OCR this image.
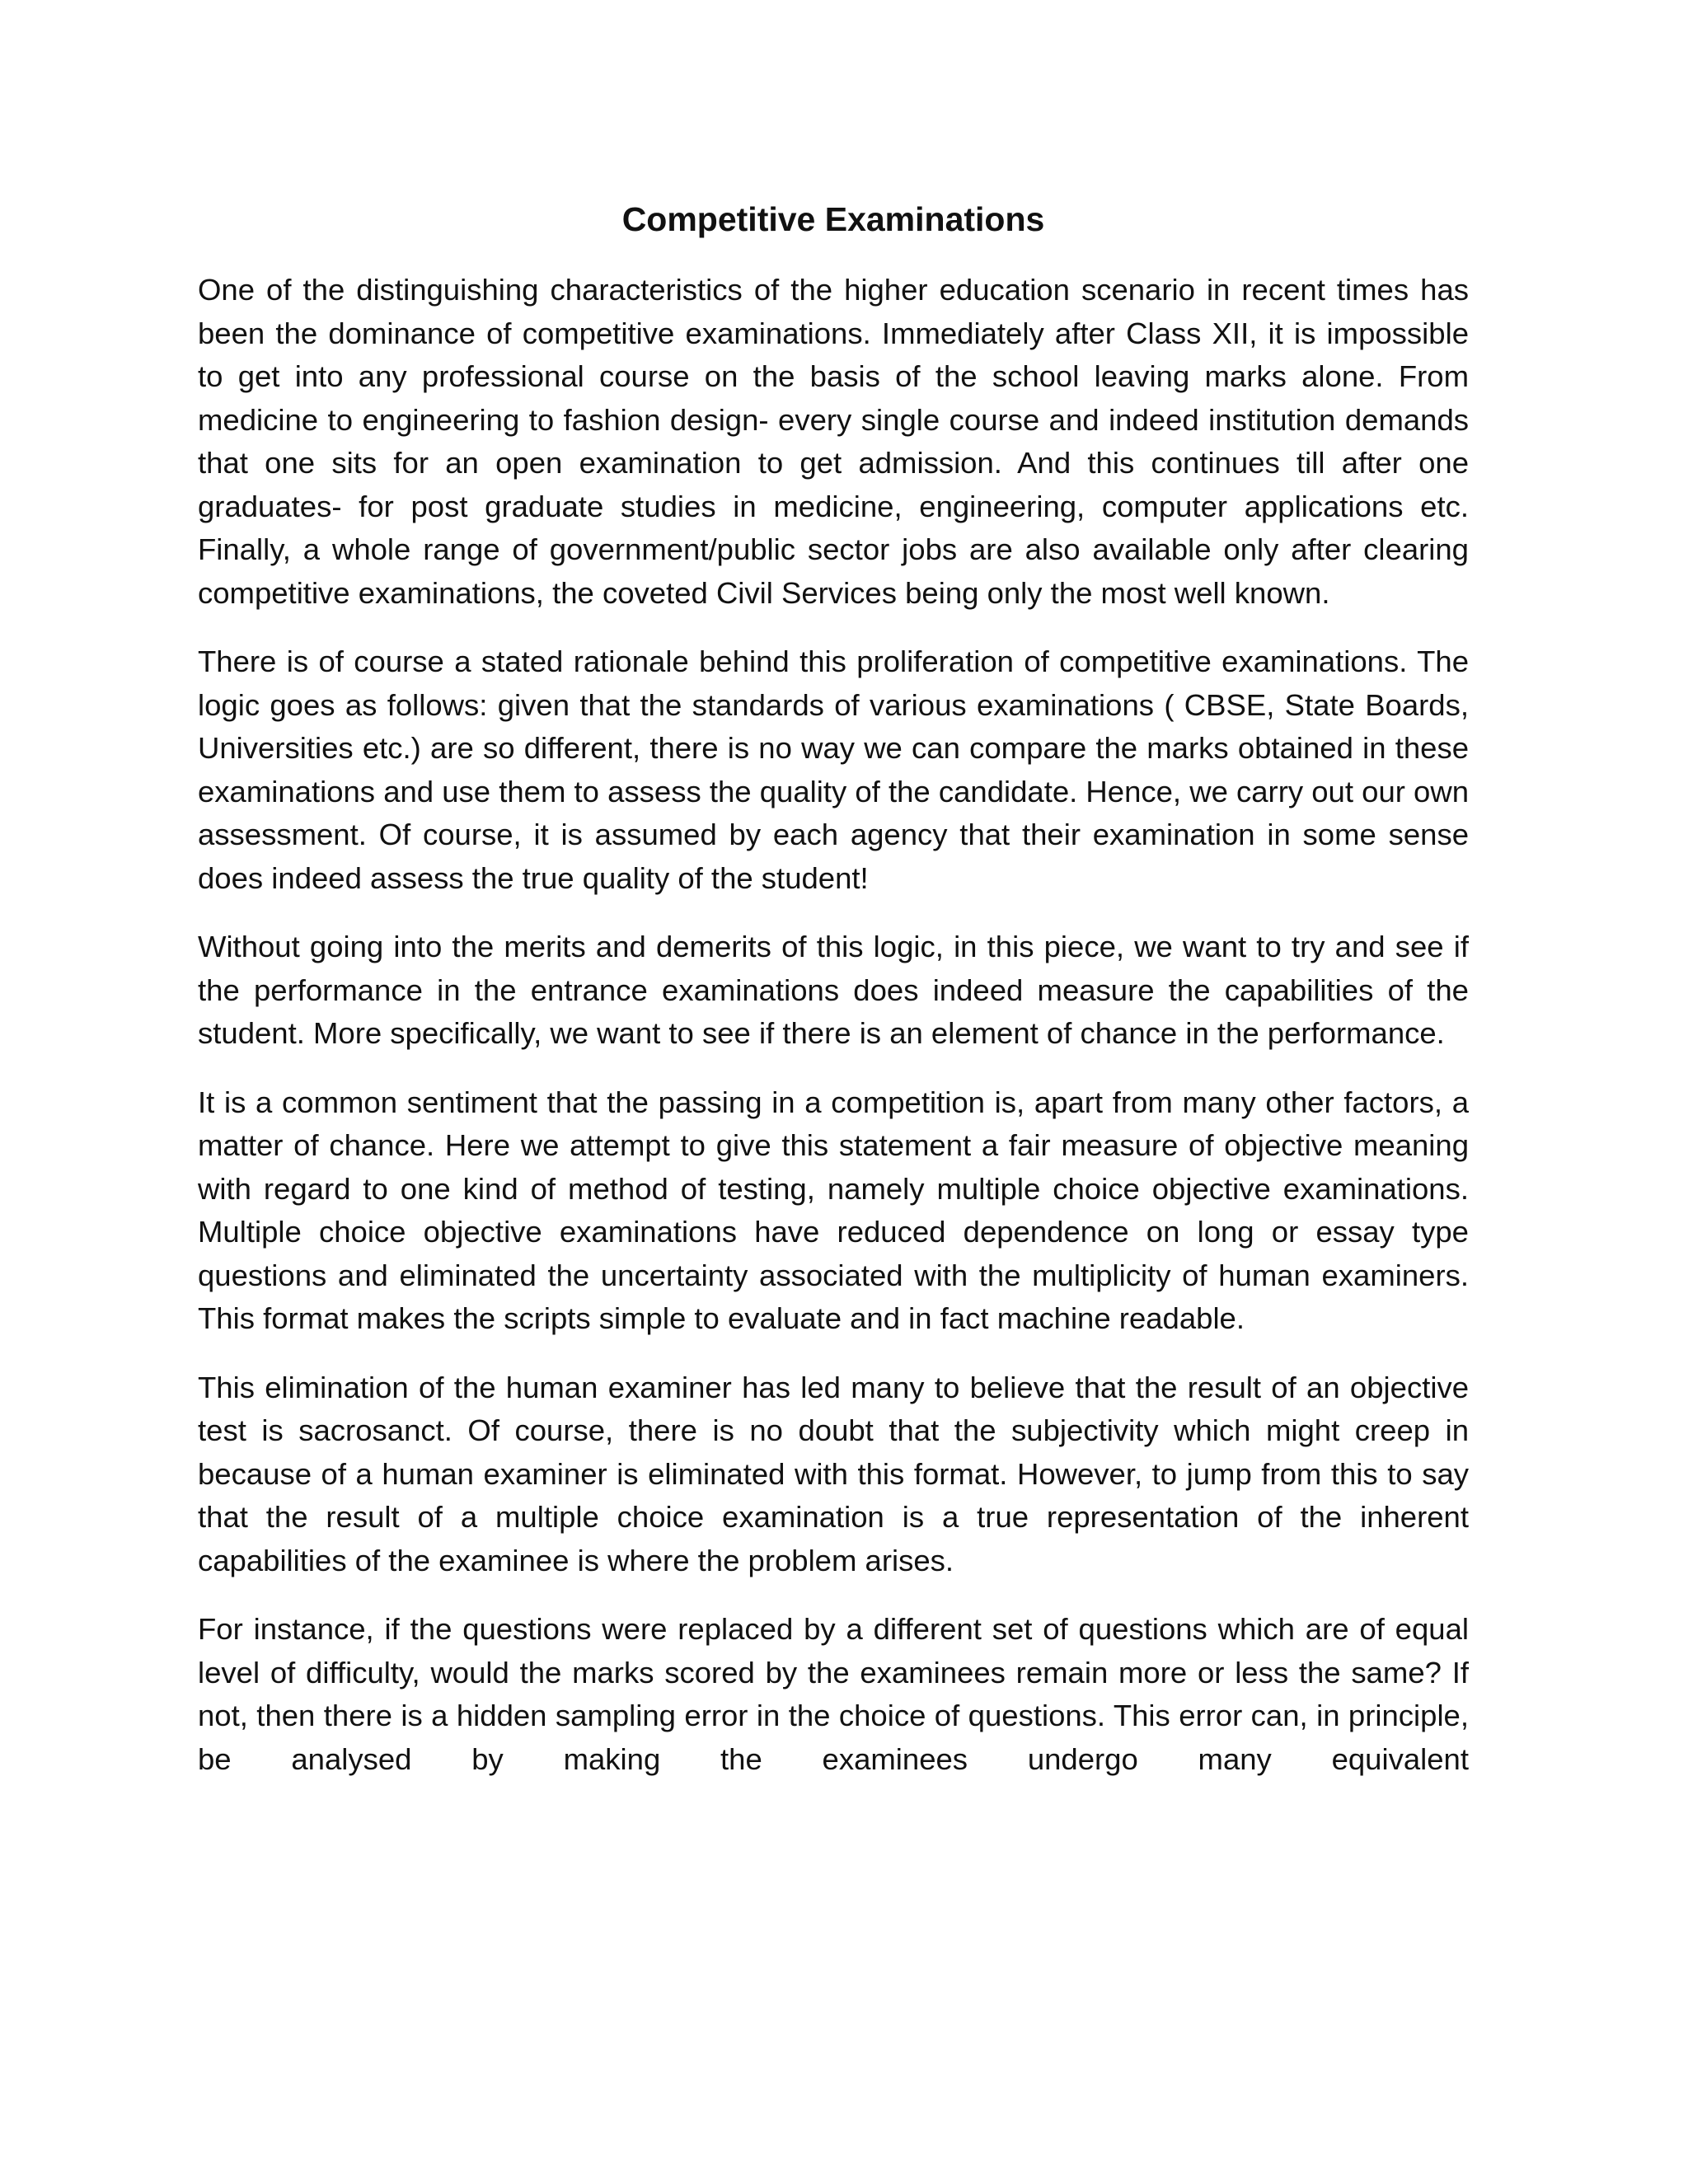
Competitive Examinations

One of the distinguishing characteristics of the higher education scenario in recent times has been the dominance of competitive examinations. Immediately after Class XII, it is impossible to get into any professional course on the basis of the school leaving marks alone. From medicine to engineering to fashion design- every single course and indeed institution demands that one sits for an open examination to get admission. And this continues till after one graduates- for post graduate studies in medicine, engineering, computer applications etc. Finally, a whole range of government/public sector jobs are also available only after clearing competitive examinations, the coveted Civil Services being only the most well known.

There is of course a stated rationale behind this proliferation of competitive examinations. The logic goes as follows: given that the standards of various examinations ( CBSE, State Boards, Universities etc.) are so different, there is no way we can compare the marks obtained in these examinations and use them to assess the quality of the candidate. Hence, we carry out our own assessment. Of course, it is assumed by each agency that their examination in some sense does indeed assess the true quality of the student!

Without going into the merits and demerits of this logic, in this piece, we want to try and see if the performance in the entrance examinations does indeed measure the capabilities of the student. More specifically, we want to see if there is an element of chance in the performance.

It is a common sentiment that the passing in a competition is, apart from many other factors, a matter of chance. Here we attempt to give this statement a fair measure of objective meaning with regard to one kind of method of testing, namely multiple choice objective examinations. Multiple choice objective examinations have reduced dependence on long or essay type questions and eliminated the uncertainty associated with the multiplicity of human examiners. This format makes the scripts simple to evaluate and in fact machine readable.

This elimination of the human examiner has led many to believe that the result of an objective test is sacrosanct. Of course, there is no doubt that the subjectivity which might creep in because of a human examiner is eliminated with this format. However, to jump from this to say that the result of a multiple choice examination is a true representation of the inherent capabilities of the examinee is where the problem arises.

For instance, if the questions were replaced by a different set of questions which are of equal level of difficulty, would the marks scored by the examinees remain more or less the same? If not, then there is a hidden sampling error in the choice of questions. This error can, in principle, be analysed by making the examinees undergo many equivalent
